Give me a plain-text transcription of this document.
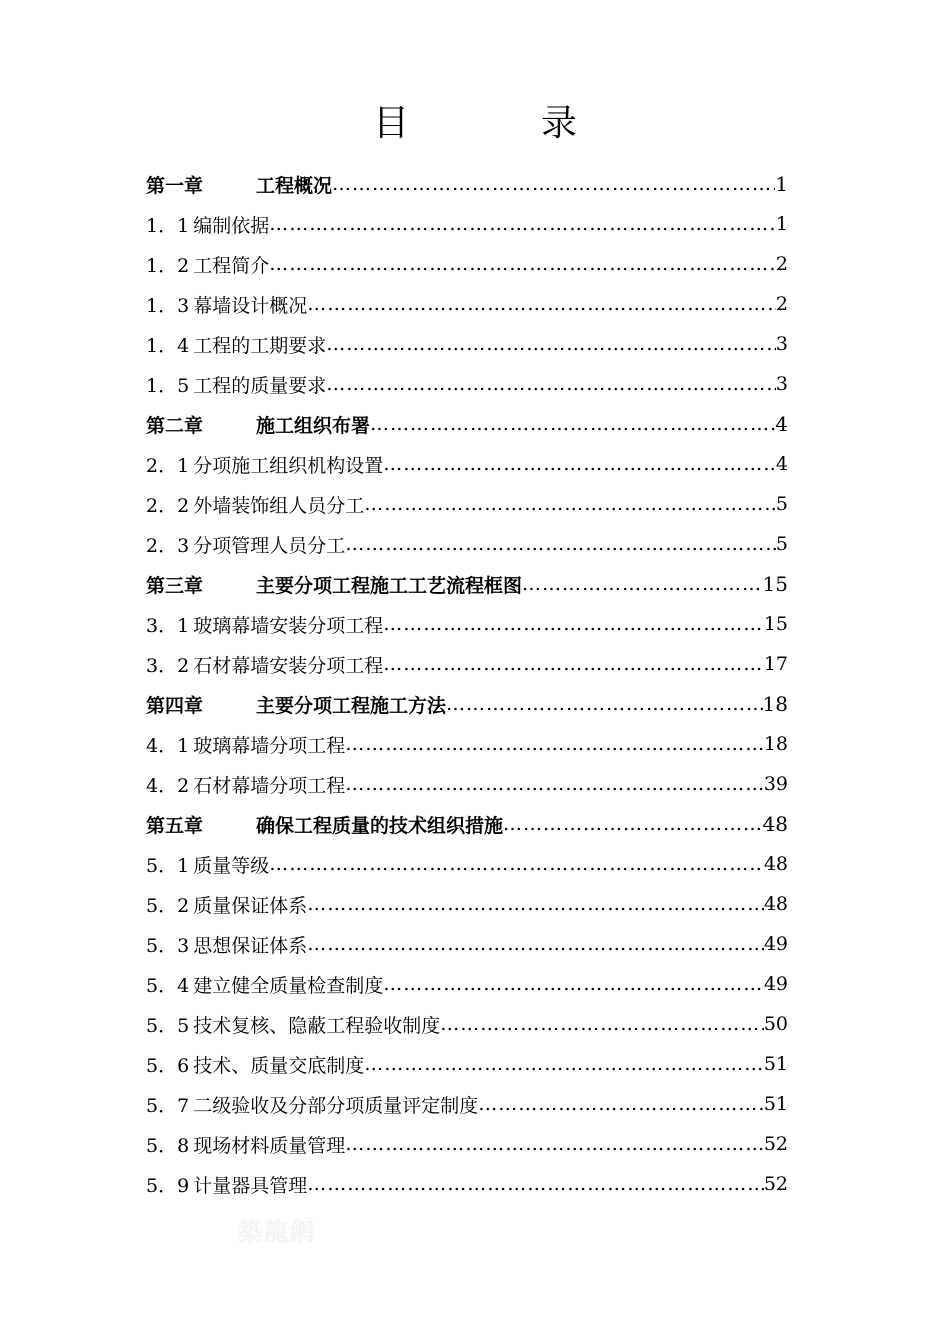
目　录
第一章	工程概况 ……………………………………………………………………………………………………………………………………………	1
1．1 编制依据 ……………………………………………………………………………………………………………………………………………	1
1．2 工程简介 ……………………………………………………………………………………………………………………………………………	2
1．3 幕墙设计概况 ……………………………………………………………………………………………………………………………………………	2
1．4 工程的工期要求 ……………………………………………………………………………………………………………………………………………	3
1．5 工程的质量要求 ……………………………………………………………………………………………………………………………………………	3
第二章	施工组织布署 ……………………………………………………………………………………………………………………………………………	4
2．1 分项施工组织机构设置 ……………………………………………………………………………………………………………………………………………	4
2．2 外墙装饰组人员分工 ……………………………………………………………………………………………………………………………………………	5
2．3 分项管理人员分工 ……………………………………………………………………………………………………………………………………………	5
第三章	主要分项工程施工工艺流程框图 ……………………………………………………………………………………………………………………………………………	15
3．1 玻璃幕墙安装分项工程 ……………………………………………………………………………………………………………………………………………	15
3．2 石材幕墙安装分项工程 ……………………………………………………………………………………………………………………………………………	17
第四章	主要分项工程施工方法 ……………………………………………………………………………………………………………………………………………	18
4．1 玻璃幕墙分项工程 ……………………………………………………………………………………………………………………………………………	18
4．2 石材幕墙分项工程 ……………………………………………………………………………………………………………………………………………	39
第五章	确保工程质量的技术组织措施 ……………………………………………………………………………………………………………………………………………	48
5．1 质量等级 ……………………………………………………………………………………………………………………………………………	48
5．2 质量保证体系 ……………………………………………………………………………………………………………………………………………	48
5．3 思想保证体系 ……………………………………………………………………………………………………………………………………………	49
5．4 建立健全质量检查制度 ……………………………………………………………………………………………………………………………………………	49
5．5 技术复核、隐蔽工程验收制度 ……………………………………………………………………………………………………………………………………………	50
5．6 技术、质量交底制度 ……………………………………………………………………………………………………………………………………………	51
5．7 二级验收及分部分项质量评定制度 ……………………………………………………………………………………………………………………………………………	51
5．8 现场材料质量管理 ……………………………………………………………………………………………………………………………………………	52
5．9 计量器具管理 ……………………………………………………………………………………………………………………………………………	52
築龍網
